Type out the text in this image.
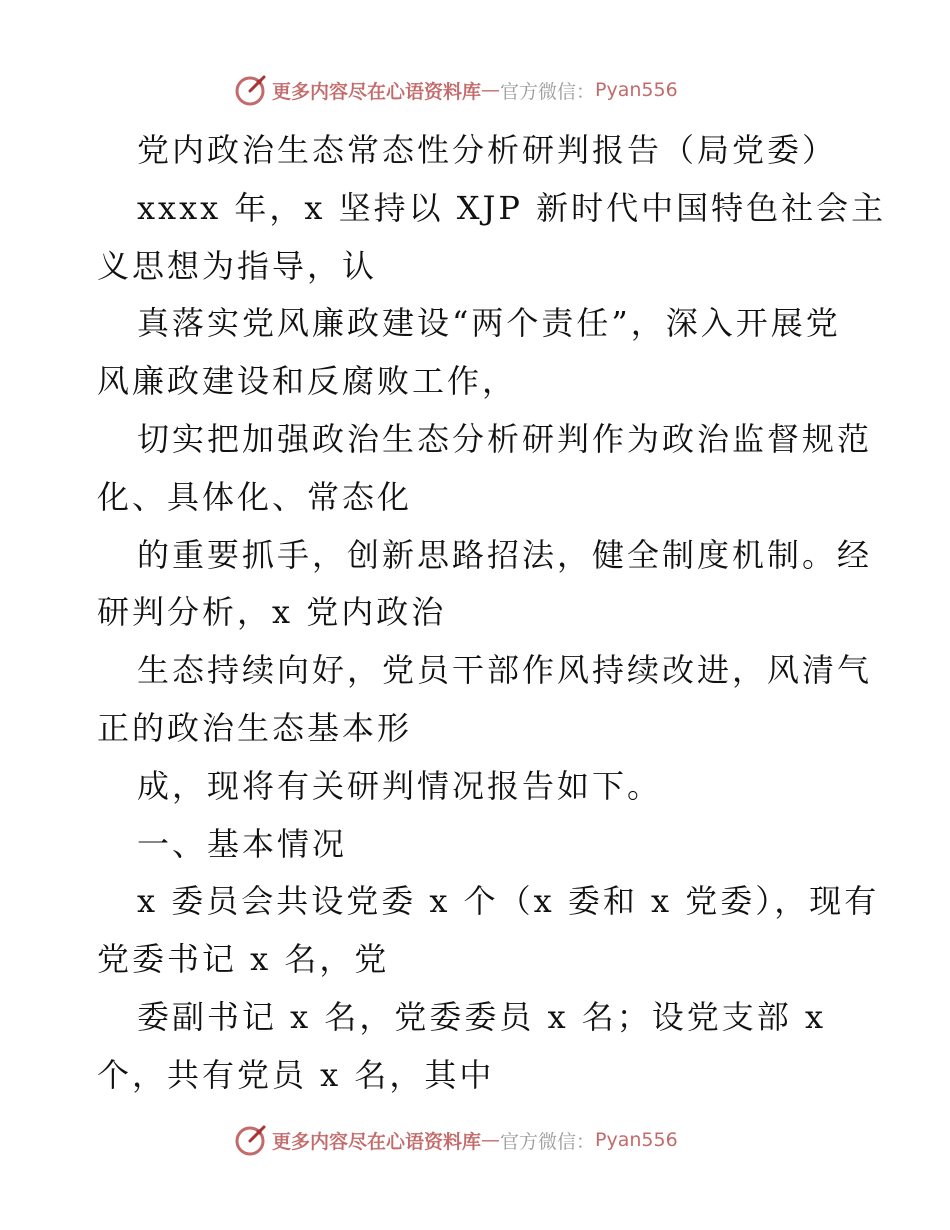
更多内容尽在心语资料库 — 官方微信： Pyan556
党内政治生态常态性分析研判报告（局党委）
xxxx 年，x 坚持以 XJP 新时代中国特色社会主
义思想为指导，认
真落实党风廉政建设“两个责任”，深入开展党
风廉政建设和反腐败工作，
切实把加强政治生态分析研判作为政治监督规范
化、具体化、常态化
的重要抓手，创新思路招法，健全制度机制。经
研判分析，x 党内政治
生态持续向好，党员干部作风持续改进，风清气
正的政治生态基本形
成，现将有关研判情况报告如下。
一、基本情况
x 委员会共设党委 x 个（x 委和 x 党委），现有
党委书记 x 名，党
委副书记 x 名，党委委员 x 名；设党支部 x
个，共有党员 x 名，其中
更多内容尽在心语资料库 — 官方微信： Pyan556
